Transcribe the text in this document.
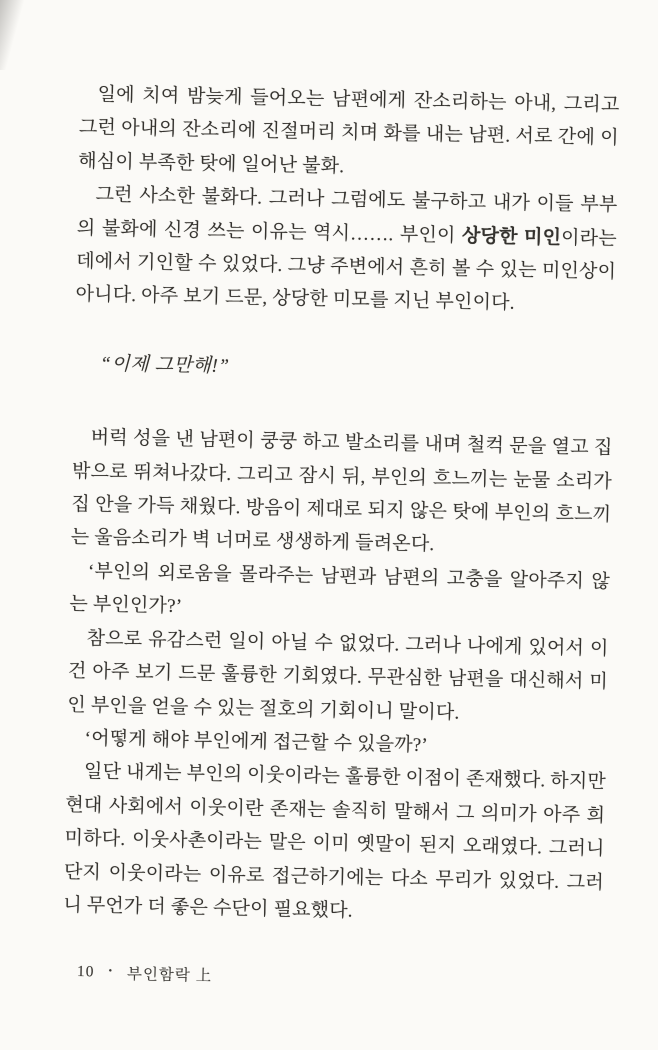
일에 치여 밤늦게 들어오는 남편에게 잔소리하는 아내, 그리고 그런 아내의 잔소리에 진절머리 치며 화를 내는 남편. 서로 간에 이해심이 부족한 탓에 일어난 불화.

그런 사소한 불화다. 그러나 그럼에도 불구하고 내가 이들 부부의 불화에 신경 쓰는 이유는 역시……. 부인이 상당한 미인이라는 데에서 기인할 수 있었다. 그냥 주변에서 흔히 볼 수 있는 미인상이 아니다. 아주 보기 드문, 상당한 미모를 지닌 부인이다.

“이제 그만해!”

버럭 성을 낸 남편이 쿵쿵 하고 발소리를 내며 철컥 문을 열고 집 밖으로 뛰쳐나갔다. 그리고 잠시 뒤, 부인의 흐느끼는 눈물 소리가 집 안을 가득 채웠다. 방음이 제대로 되지 않은 탓에 부인의 흐느끼는 울음소리가 벽 너머로 생생하게 들려온다.

‘부인의 외로움을 몰라주는 남편과 남편의 고충을 알아주지 않는 부인인가?’

참으로 유감스런 일이 아닐 수 없었다. 그러나 나에게 있어서 이건 아주 보기 드문 훌륭한 기회였다. 무관심한 남편을 대신해서 미인 부인을 얻을 수 있는 절호의 기회이니 말이다.

‘어떻게 해야 부인에게 접근할 수 있을까?’

일단 내게는 부인의 이웃이라는 훌륭한 이점이 존재했다. 하지만 현대 사회에서 이웃이란 존재는 솔직히 말해서 그 의미가 아주 희미하다. 이웃사촌이라는 말은 이미 옛말이 된지 오래였다. 그러니 단지 이웃이라는 이유로 접근하기에는 다소 무리가 있었다. 그러니 무언가 더 좋은 수단이 필요했다.

10 • 부인함락 上
